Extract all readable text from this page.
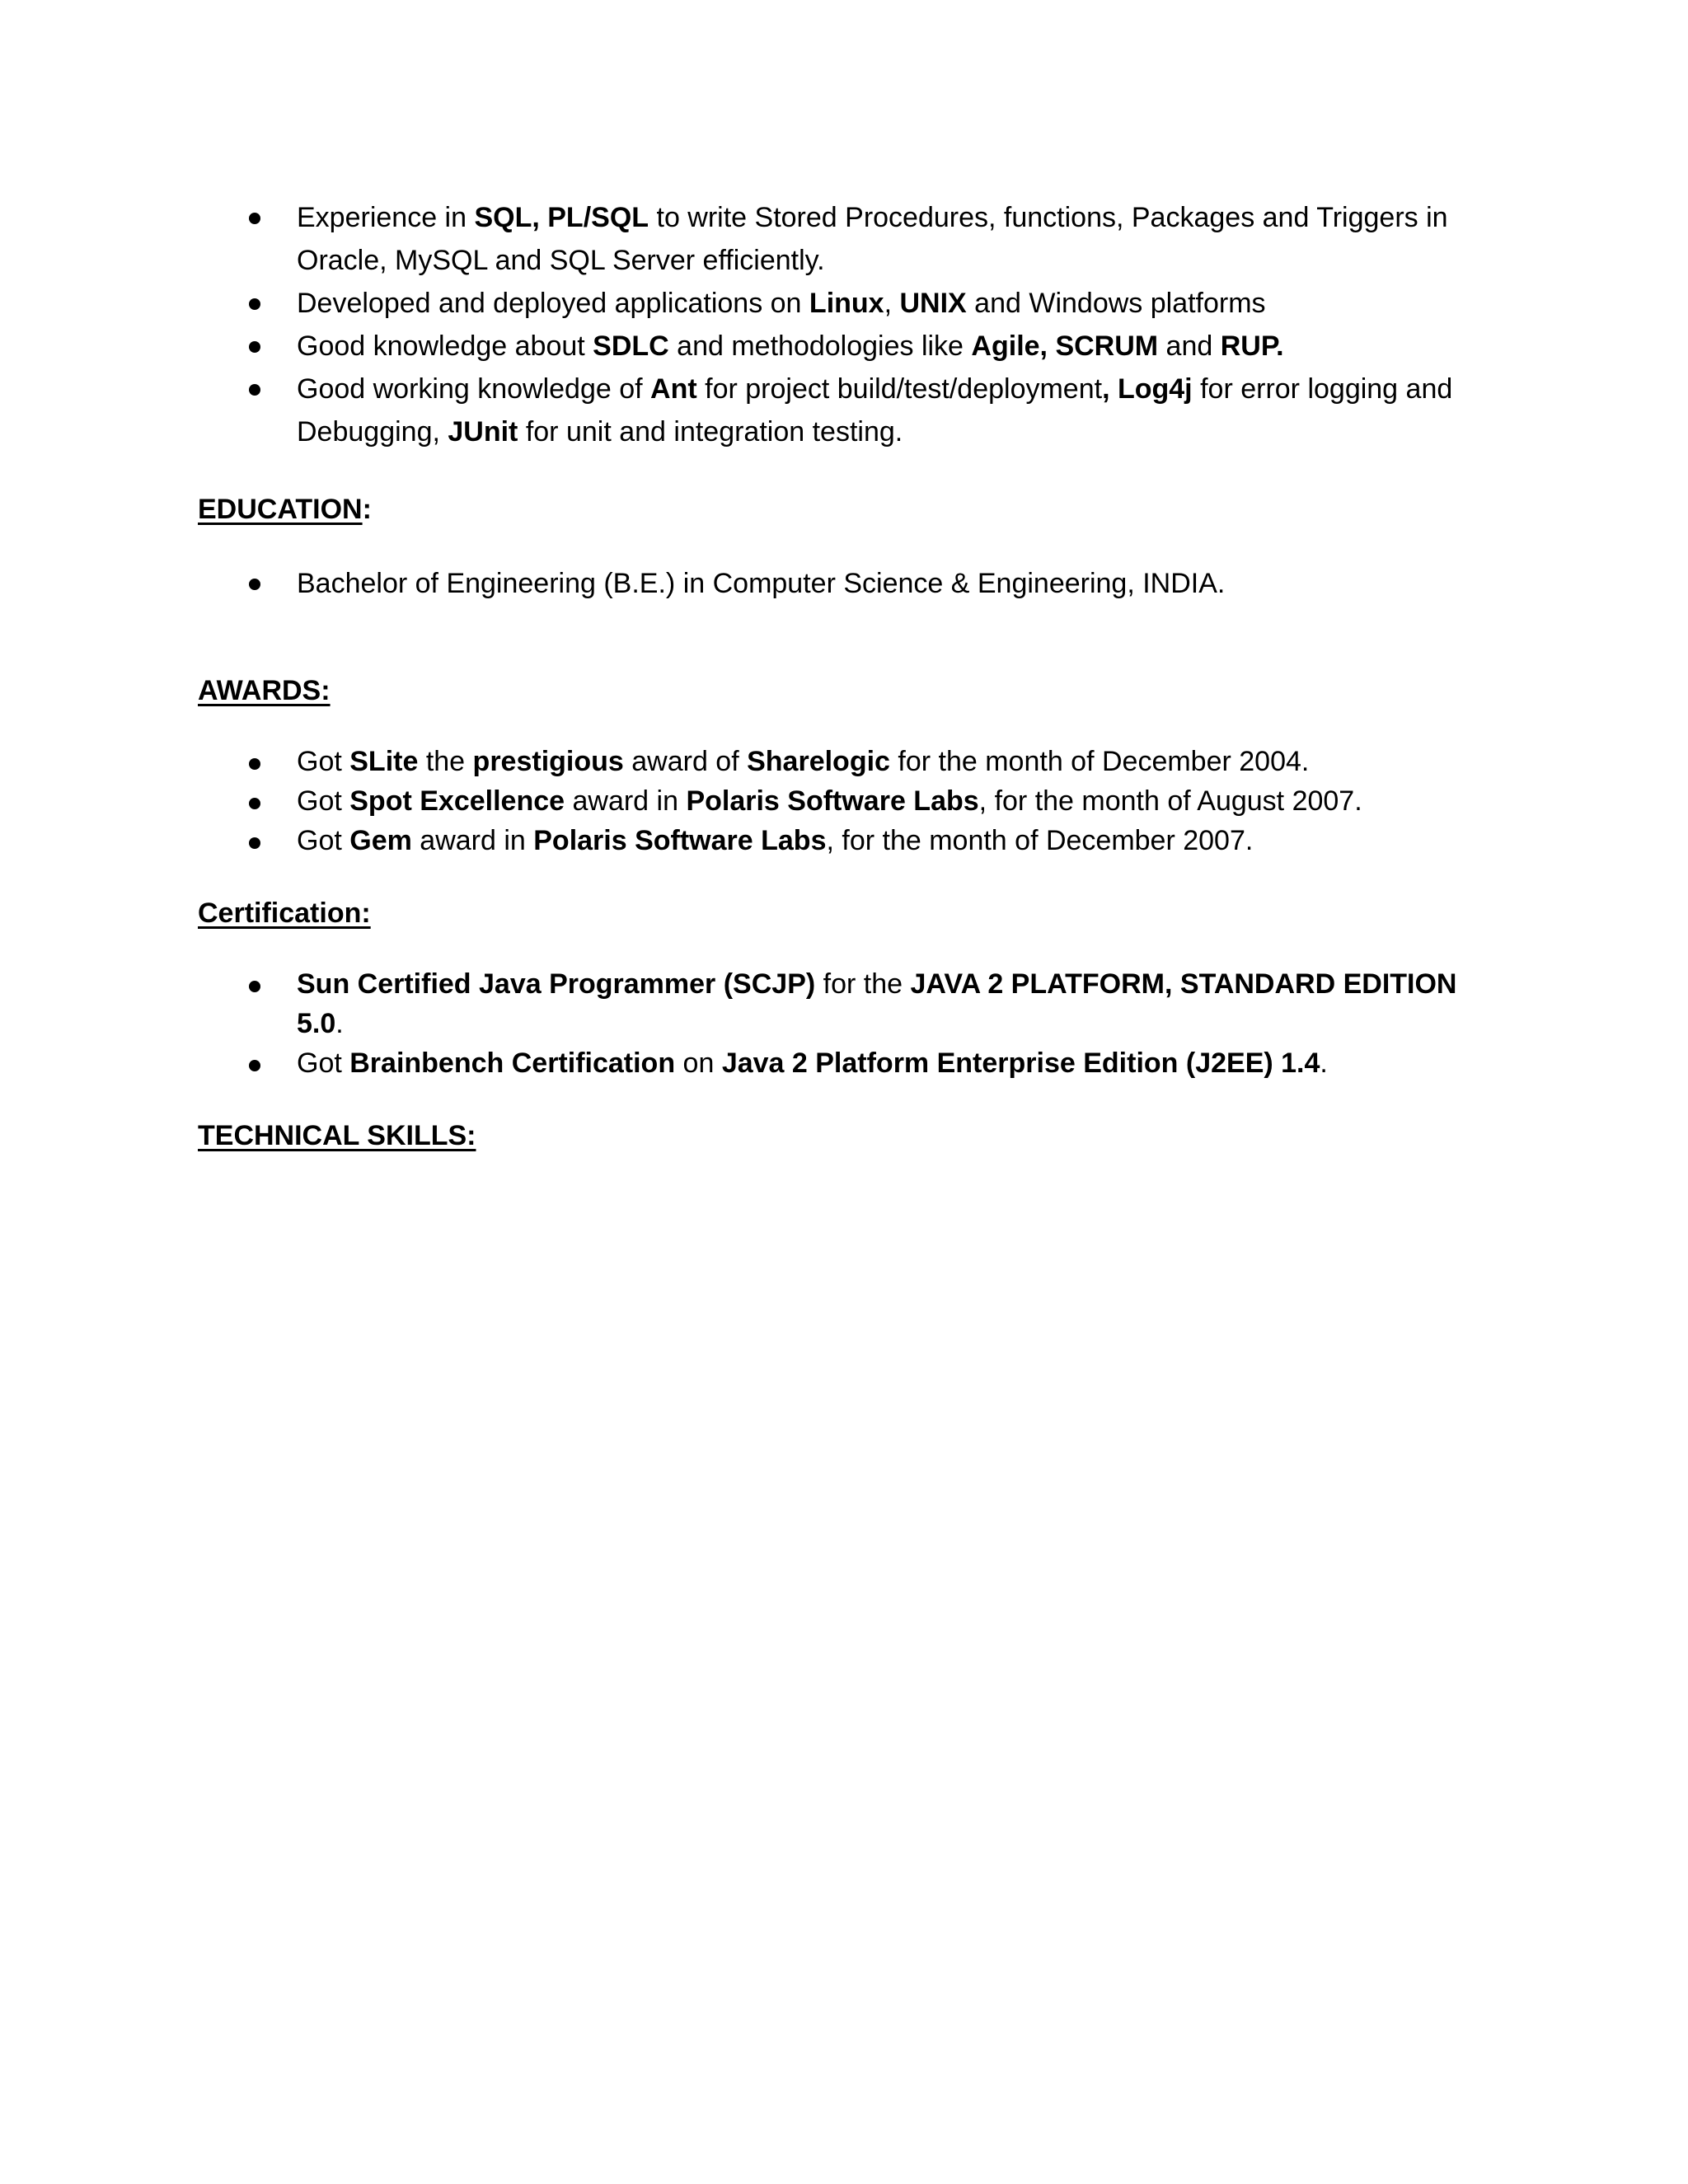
Experience in SQL, PL/SQL to write Stored Procedures, functions, Packages and Triggers in Oracle, MySQL and SQL Server efficiently.
Developed and deployed applications on Linux, UNIX and Windows platforms
Good knowledge about SDLC and methodologies like Agile, SCRUM and RUP.
Good working knowledge of Ant for project build/test/deployment, Log4j for error logging and Debugging, JUnit for unit and integration testing.

EDUCATION:

Bachelor of Engineering (B.E.) in Computer Science & Engineering, INDIA.

AWARDS:

Got SLite the prestigious award of Sharelogic for the month of December 2004.
Got Spot Excellence award in Polaris Software Labs, for the month of August 2007.
Got Gem award in Polaris Software Labs, for the month of December 2007.

Certification:

Sun Certified Java Programmer (SCJP) for the JAVA 2 PLATFORM, STANDARD EDITION 5.0.
Got Brainbench Certification on Java 2 Platform Enterprise Edition (J2EE) 1.4.

TECHNICAL SKILLS:
